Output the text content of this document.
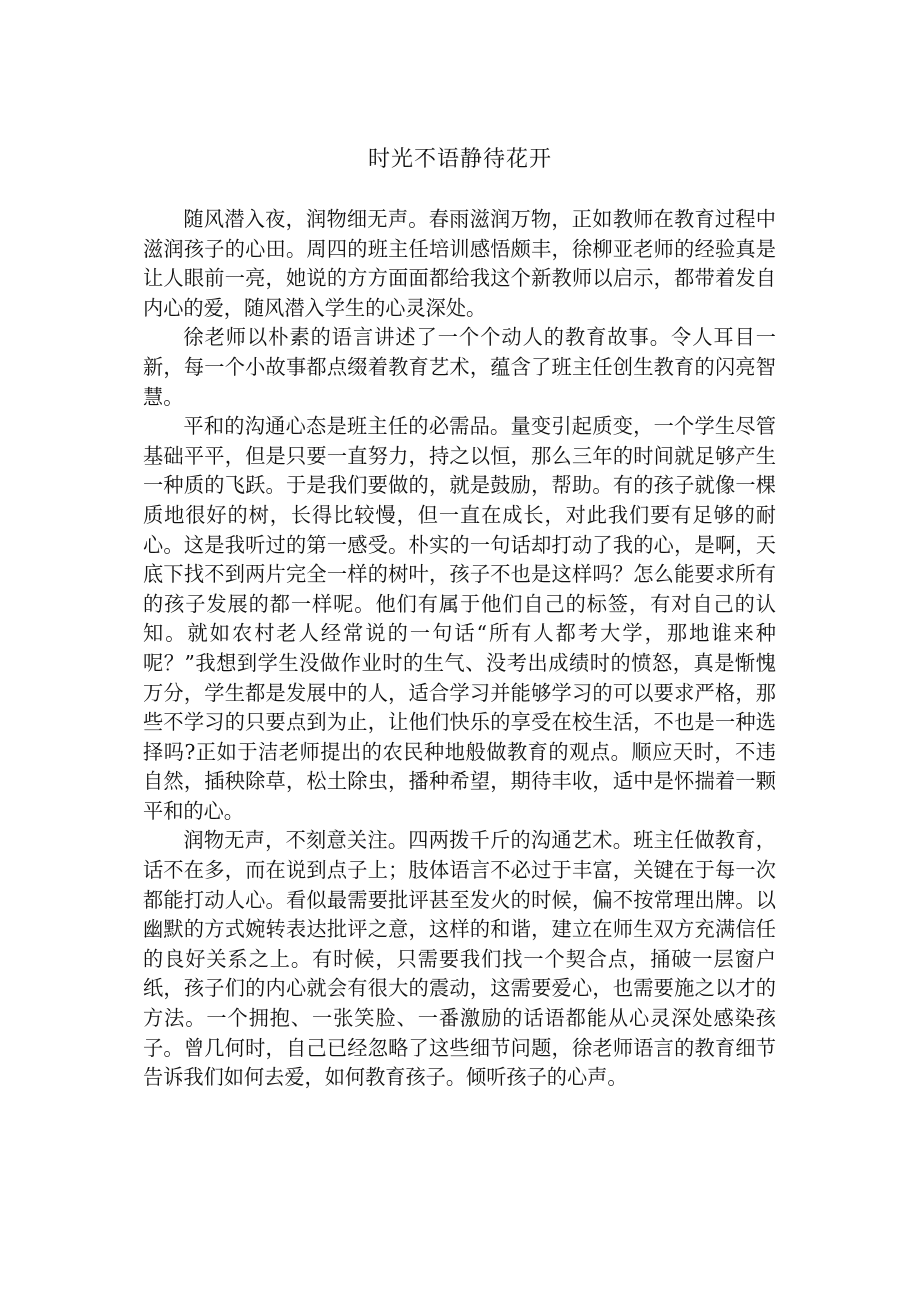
时光不语静待花开

随风潜入夜，润物细无声。春雨滋润万物，正如教师在教育过程中滋润孩子的心田。周四的班主任培训感悟颇丰，徐柳亚老师的经验真是让人眼前一亮，她说的方方面面都给我这个新教师以启示，都带着发自内心的爱，随风潜入学生的心灵深处。

徐老师以朴素的语言讲述了一个个动人的教育故事。令人耳目一新，每一个小故事都点缀着教育艺术，蕴含了班主任创生教育的闪亮智慧。

平和的沟通心态是班主任的必需品。量变引起质变，一个学生尽管基础平平，但是只要一直努力，持之以恒，那么三年的时间就足够产生一种质的飞跃。于是我们要做的，就是鼓励，帮助。有的孩子就像一棵质地很好的树，长得比较慢，但一直在成长，对此我们要有足够的耐心。这是我听过的第一感受。朴实的一句话却打动了我的心，是啊，天底下找不到两片完全一样的树叶，孩子不也是这样吗？怎么能要求所有的孩子发展的都一样呢。他们有属于他们自己的标签，有对自己的认知。就如农村老人经常说的一句话“所有人都考大学，那地谁来种呢？”我想到学生没做作业时的生气、没考出成绩时的愤怒，真是惭愧万分，学生都是发展中的人，适合学习并能够学习的可以要求严格，那些不学习的只要点到为止，让他们快乐的享受在校生活，不也是一种选择吗?正如于洁老师提出的农民种地般做教育的观点。顺应天时，不违自然，插秧除草，松土除虫，播种希望，期待丰收，适中是怀揣着一颗平和的心。

润物无声，不刻意关注。四两拨千斤的沟通艺术。班主任做教育，话不在多，而在说到点子上；肢体语言不必过于丰富，关键在于每一次都能打动人心。看似最需要批评甚至发火的时候，偏不按常理出牌。以幽默的方式婉转表达批评之意，这样的和谐，建立在师生双方充满信任的良好关系之上。有时候，只需要我们找一个契合点，捅破一层窗户纸，孩子们的内心就会有很大的震动，这需要爱心，也需要施之以才的方法。一个拥抱、一张笑脸、一番激励的话语都能从心灵深处感染孩子。曾几何时，自己已经忽略了这些细节问题，徐老师语言的教育细节告诉我们如何去爱，如何教育孩子。倾听孩子的心声。
